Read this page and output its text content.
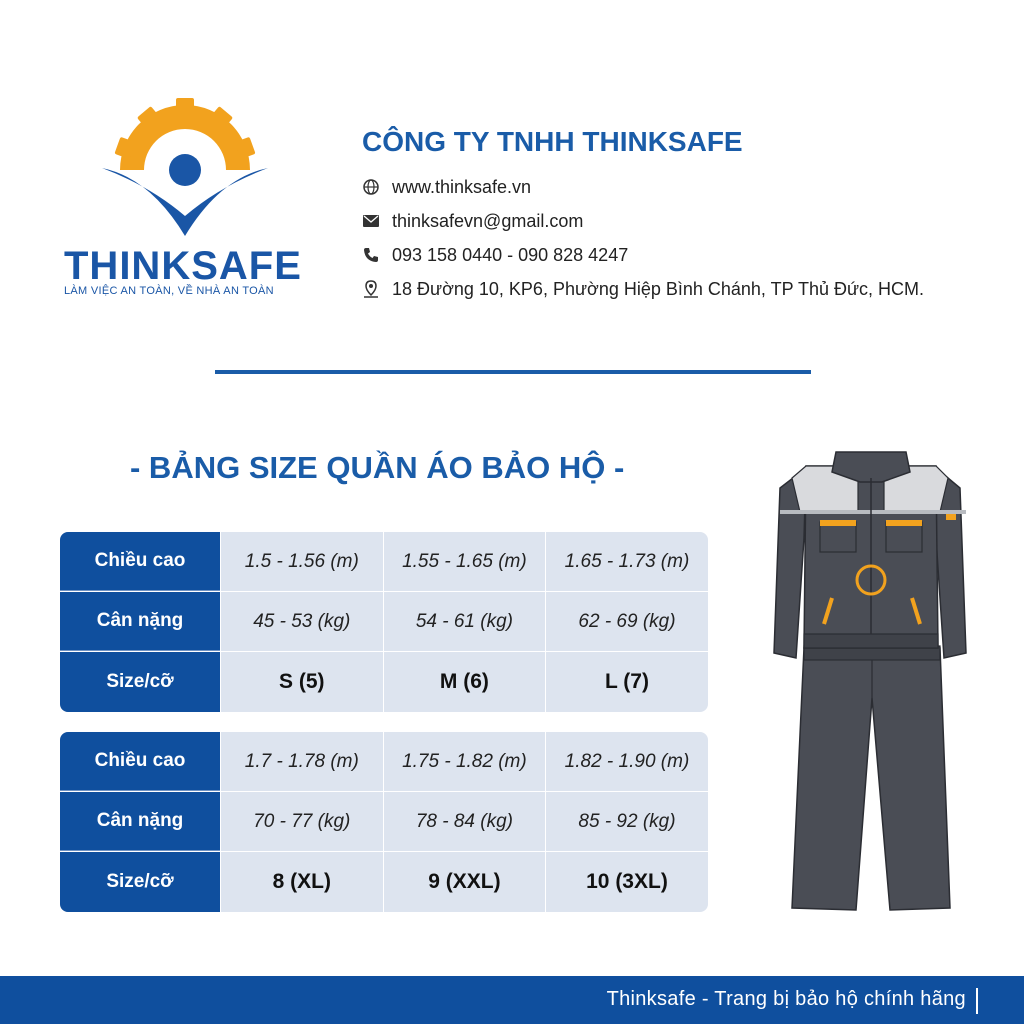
THINKSAFE
LÀM VIỆC AN TOÀN, VỀ NHÀ AN TOÀN
CÔNG TY TNHH THINKSAFE
www.thinksafe.vn
thinksafevn@gmail.com
093 158 0440 - 090 828 4247
18 Đường 10, KP6, Phường Hiệp Bình Chánh, TP Thủ Đức, HCM.
- BẢNG SIZE QUẦN ÁO BẢO HỘ -
Chiều cao	1.5 - 1.56 (m)	1.55 - 1.65 (m)	1.65 - 1.73 (m)
Cân nặng	45 - 53 (kg)	54 - 61 (kg)	62 - 69 (kg)
Size/cỡ	S (5)	M (6)	L (7)
Chiều cao	1.7 - 1.78 (m)	1.75 - 1.82 (m)	1.82 - 1.90 (m)
Cân nặng	70 - 77 (kg)	78 - 84 (kg)	85 - 92 (kg)
Size/cỡ	8 (XL)	9 (XXL)	10 (3XL)
Thinksafe - Trang bị bảo hộ chính hãng
